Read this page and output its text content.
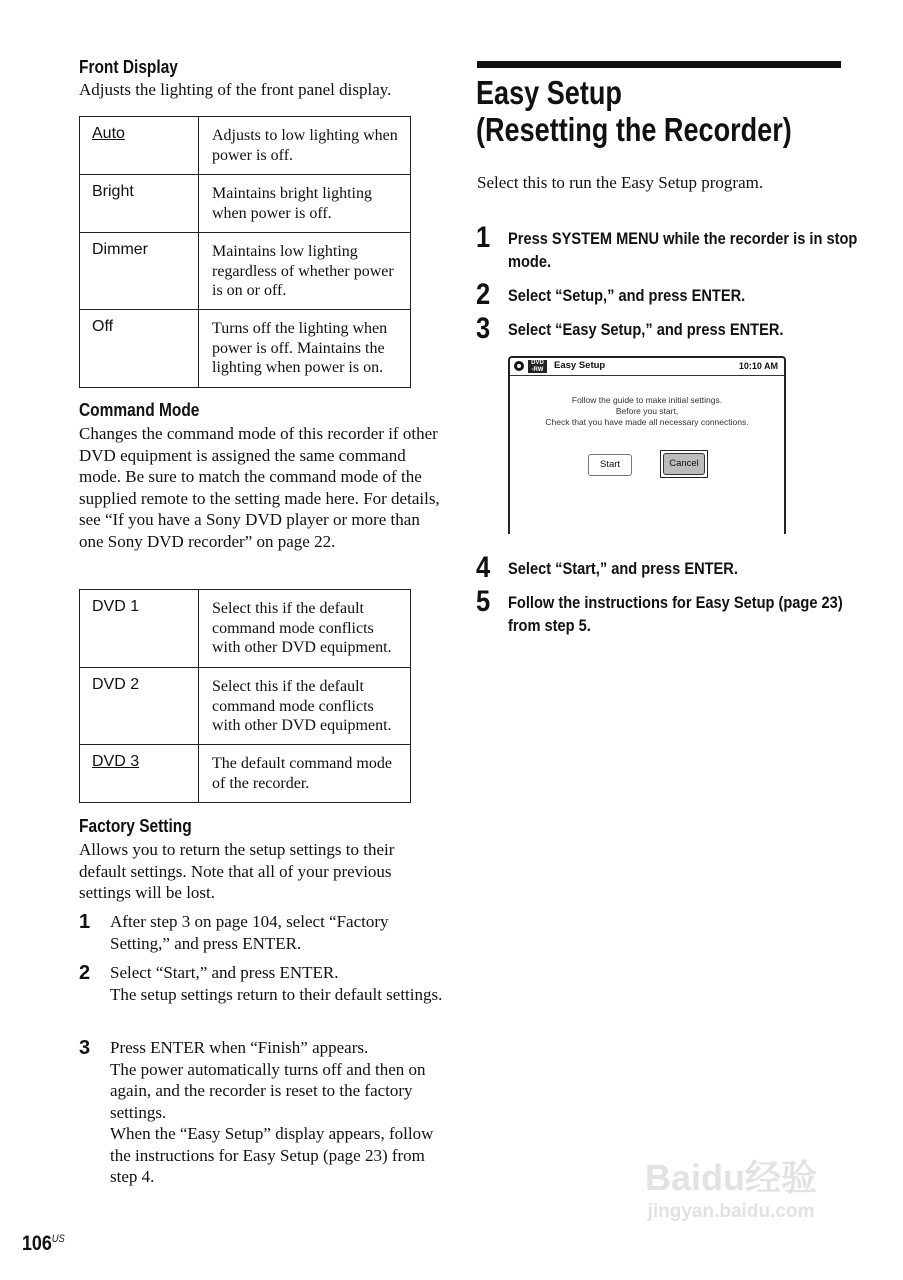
Front Display
Adjusts the lighting of the front panel display.
Auto	Adjusts to low lighting when power is off.
Bright	Maintains bright lighting when power is off.
Dimmer	Maintains low lighting regardless of whether power is on or off.
Off	Turns off the lighting when power is off. Maintains the lighting when power is on.
Command Mode
Changes the command mode of this recorder if other DVD equipment is assigned the same command mode. Be sure to match the command mode of the supplied remote to the setting made here. For details, see “If you have a Sony DVD player or more than one Sony DVD recorder” on page 22.
DVD 1	Select this if the default command mode conflicts with other DVD equipment.
DVD 2	Select this if the default command mode conflicts with other DVD equipment.
DVD 3	The default command mode of the recorder.
Factory Setting
Allows you to return the setup settings to their default settings. Note that all of your previous settings will be lost.
1 After step 3 on page 104, select “Factory Setting,” and press ENTER.
2 Select “Start,” and press ENTER.
The setup settings return to their default settings.
3 Press ENTER when “Finish” appears.
The power automatically turns off and then on again, and the recorder is reset to the factory settings.
When the “Easy Setup” display appears, follow the instructions for Easy Setup (page 23) from step 4.
Easy Setup
(Resetting the Recorder)
Select this to run the Easy Setup program.
1 Press SYSTEM MENU while the recorder is in stop mode.
2 Select “Setup,” and press ENTER.
3 Select “Easy Setup,” and press ENTER.
DVD
-RW	Easy Setup	10:10 AM
Follow the guide to make initial settings.
Before you start,
Check that you have made all necessary connections.
Start	Cancel
4 Select “Start,” and press ENTER.
5 Follow the instructions for Easy Setup (page 23) from step 5.
$106^{US}$
Baidu经验
jingyan.baidu.com
